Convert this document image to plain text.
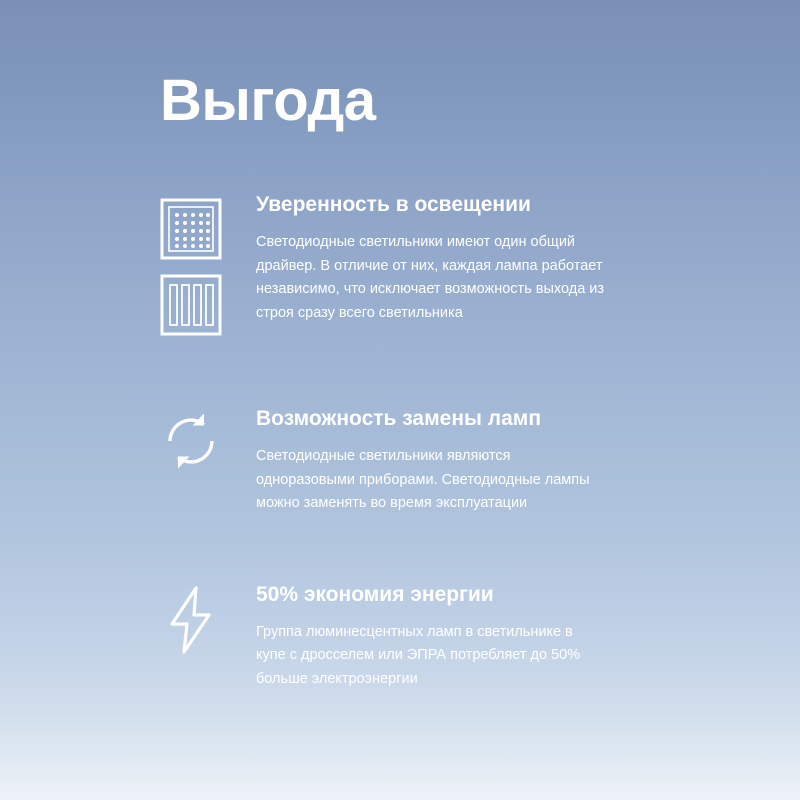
Выгода
Уверенность в освещении

Светодиодные светильники имеют один общий драйвер. В отличие от них, каждая лампа работает независимо, что исключает возможность выхода из строя сразу всего светильника

Возможность замены ламп

Светодиодные светильники являются одноразовыми приборами. Светодиодные лампы можно заменять во время эксплуатации

50% экономия энергии

Группа люминесцентных ламп в светильнике в купе с дросселем или ЭПРА потребляет до 50% больше электроэнергии
